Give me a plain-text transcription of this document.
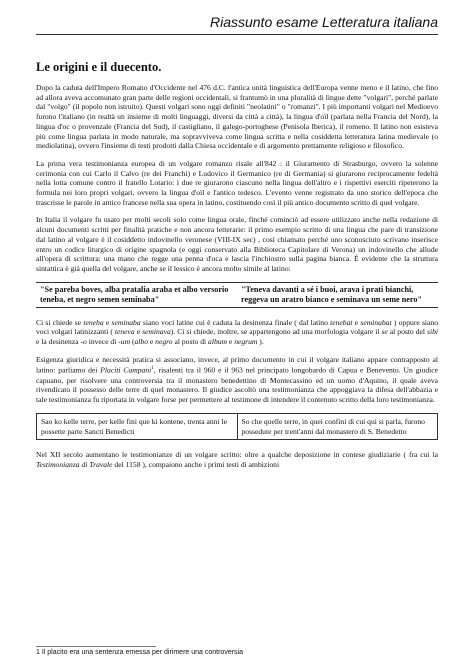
Riassunto esame Letteratura italiana
Le origini e il duecento.

Dopo la caduta dell'Impero Romano d'Occidente nel 476 d.C. l'antica unità linguistica dell'Europa venne meno e il latino, che fino ad allora aveva accomunato gran parte delle regioni occidentali, si frantumò in una pluralità di lingue dette "volgari", perché parlate dal "volgo" (il popolo non istruito). Questi volgari sono oggi definiti "neolatini" o "romanzi". I più importanti volgari nel Medioevo furono l'italiano (in realtà un insieme di molti linguaggi, diversi da città a città), la lingua d'oïl (parlata nella Francia del Nord), la lingua d'oc o provenzale (Francia del Sud), il castigliano, il galego-portoghese (Penisola Iberica), il romeno. Il latino non esisteva più come lingua parlata in modo naturale, ma sopravviveva come lingua scritta e nella cosiddetta letteratura latina medievale (o mediolatina), ovvero l'insieme di testi prodotti dalla Chiesa occidentale e di argomento prettamente religioso e filosofico.

La prima vera testimonianza europea di un volgare romanzo risale all'842 : il Giuramento di Strasburgo, ovvero la solenne cerimonia con cui Carlo il Calvo (re dei Franchi) e Ludovico il Germanico (re di Germania) si giurarono reciprocamente fedeltà nella lotta comune contro il fratello Lotario: i due re giurarono ciascuno nella lingua dell'altro e i rispettivi eserciti ripeterono la formula nei loro propri volgari, ovvero la lingua d'oïl e l'antico tedesco. L'evento venne registrato da uno storico dell'epoca che trascrisse le parole in antico francese nella sua opera in latino, costituendo così il più antico documento scritto di quel volgare.

In Italia il volgare fu usato per molti secoli solo come lingua orale, finché cominciò ad essere utilizzato anche nella redazione di alcuni documenti scritti per finalità pratiche e non ancora letterarie: il primo esempio scritto di una lingua che pare di transizione dal latino al volgare è il cosiddetto indovinello veronese (VIII-IX sec) , così chiamato perché uno sconosciuto scrivano inserisce entro un codice liturgico di origine spagnola (e oggi conservato alla Biblioteca Capitolare di Verona) un indovinello che allude all'opera di scrittura: una mano che regge una penna d'oca e lascia l'inchiostro sulla pagina bianca. È evidente che la struttura sintattica è già quella del volgare, anche se il lessico è ancora molto simile al latino:

"Se pareba boves, alba pratalia araba et albo versorio teneba, et negro semen seminaba"	"Teneva davanti a sé i buoi, arava i prati bianchi, reggeva un aratro bianco e seminava un seme nero"

Ci si chiede se teneba e seminaba siano voci latine cui è caduta la desinenza finale ( dal latino tenebat e seminabat ) oppure siano voci volgari latinizzanti ( teneva e seminava). Ci si chiede, inoltre, se appartengono ad una morfologia volgare il se al posto del sibi e la desinenza -o invece di -um (albo e negro al posto di album e negrum ).

Esigenza giuridica e necessità pratica si associano, invece, al primo documento in cui il volgare italiano appare contrapposto al latino: parliamo dei Placiti Campani$^1$, risalenti tra il 960 e il 963 nel principato longobardo di Capua e Benevento. Un giudice capuano, per risolvere una controversia tra il monastero benedettino di Montecassino ed un uomo d'Aquino, il quale aveva rivendicato il possesso delle terre di quel monastero. Il giudice ascoltò una testimonianza che appoggiava la difesa dell'abbazia e tale testimonianza fu riportata in volgare forse per permettere al testimone di intendere il contenuto scritto della loro testimonianza.

Sao ko kelle terre, per kelle fini que ki kontene, trenta anni le possette parte Sancti Benedicti	So che quelle terre, in quei confini di cui qui si parla, furono possedute per trent'anni dal monastero di S. Benedetto

Nel XII secolo aumentano le testimonianze di un volgare scritto: oltre a qualche deposizione in contese giudiziarie ( fra cui la Testimonianza di Travale del 1158 ), compaiono anche i primi testi di ambizioni

1 Il placito era una sentenza emessa per dirimere una controversia
